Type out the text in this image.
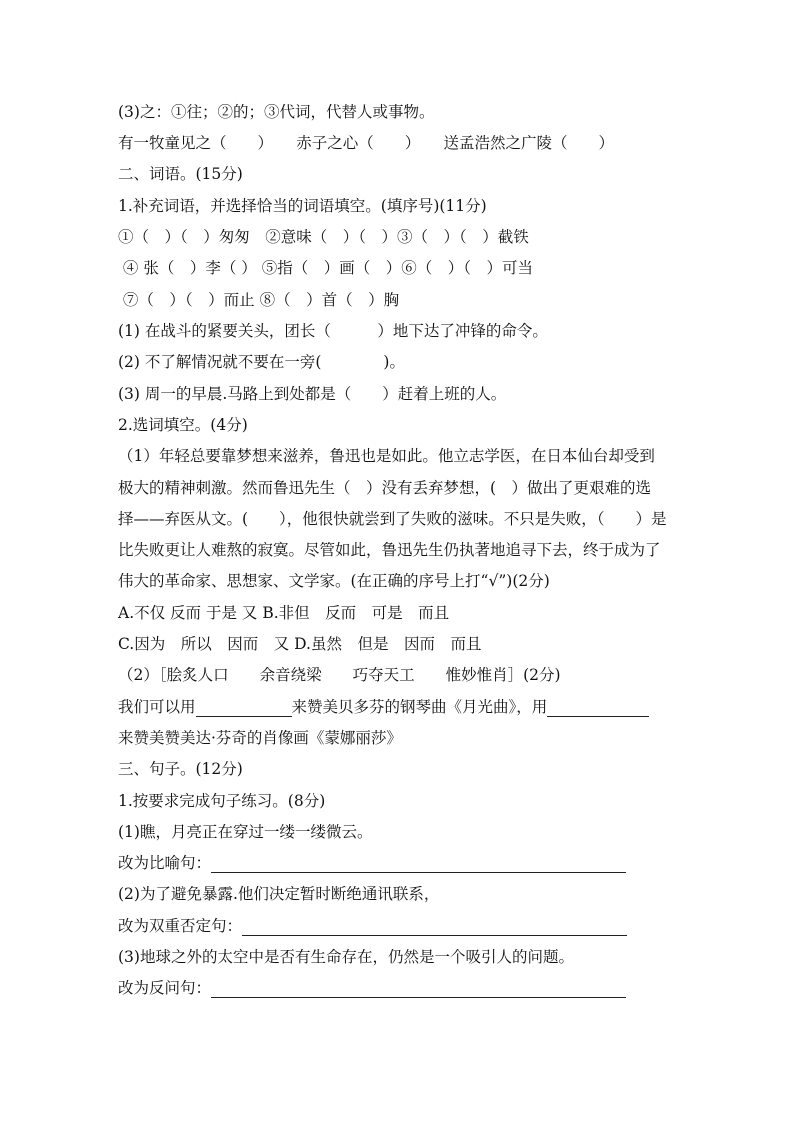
(3)之：①往；②的；③代词，代替人或事物。
有一牧童见之（　　）　　赤子之心（　　）　　送孟浩然之广陵（　　）
二、词语。(15分)
1.补充词语，并选择恰当的词语填空。(填序号)(11分)
①（　）（　）匆匆　②意味（　）（　）③（　）（　）截铁
④ 张（　）李（ ） ⑤指（　）画（　）⑥（　）（　）可当
⑦（　）（　）而止 ⑧（　）首（　）胸
(1) 在战斗的紧要关头，团长（　　　）地下达了冲锋的命令。
(2) 不了解情况就不要在一旁(　　　　)。
(3) 周一的早晨.马路上到处都是（　　）赶着上班的人。
2.选词填空。(4分)
（1）年轻总要靠梦想来滋养，鲁迅也是如此。他立志学医，在日本仙台却受到
极大的精神刺激。然而鲁迅先生（　）没有丢弃梦想，(　）做出了更艰难的选
择——弃医从文。(　　），他很快就尝到了失败的滋味。不只是失败，（　　）是
比失败更让人难熬的寂寞。尽管如此，鲁迅先生仍执著地追寻下去，终于成为了
伟大的革命家、思想家、文学家。(在正确的序号上打“√”)(2分)
A.不仅 反而 于是 又 B.非但　反而　可是　而且
C.因为　所以　因而　又 D.虽然　但是　因而　而且
（2）［脍炙人口　　余音绕梁　　巧夺天工　　惟妙惟肖］(2分)
我们可以用	来赞美贝多芬的钢琴曲《月光曲》，用
来赞美赞美达·芬奇的肖像画《蒙娜丽莎》
三、句子。(12分)
1.按要求完成句子练习。(8分)
(1)瞧，月亮正在穿过一缕一缕微云。
改为比喻句：
(2)为了避免暴露.他们决定暂时断绝通讯联系，
改为双重否定句：
(3)地球之外的太空中是否有生命存在，仍然是一个吸引人的问题。
改为反问句：
